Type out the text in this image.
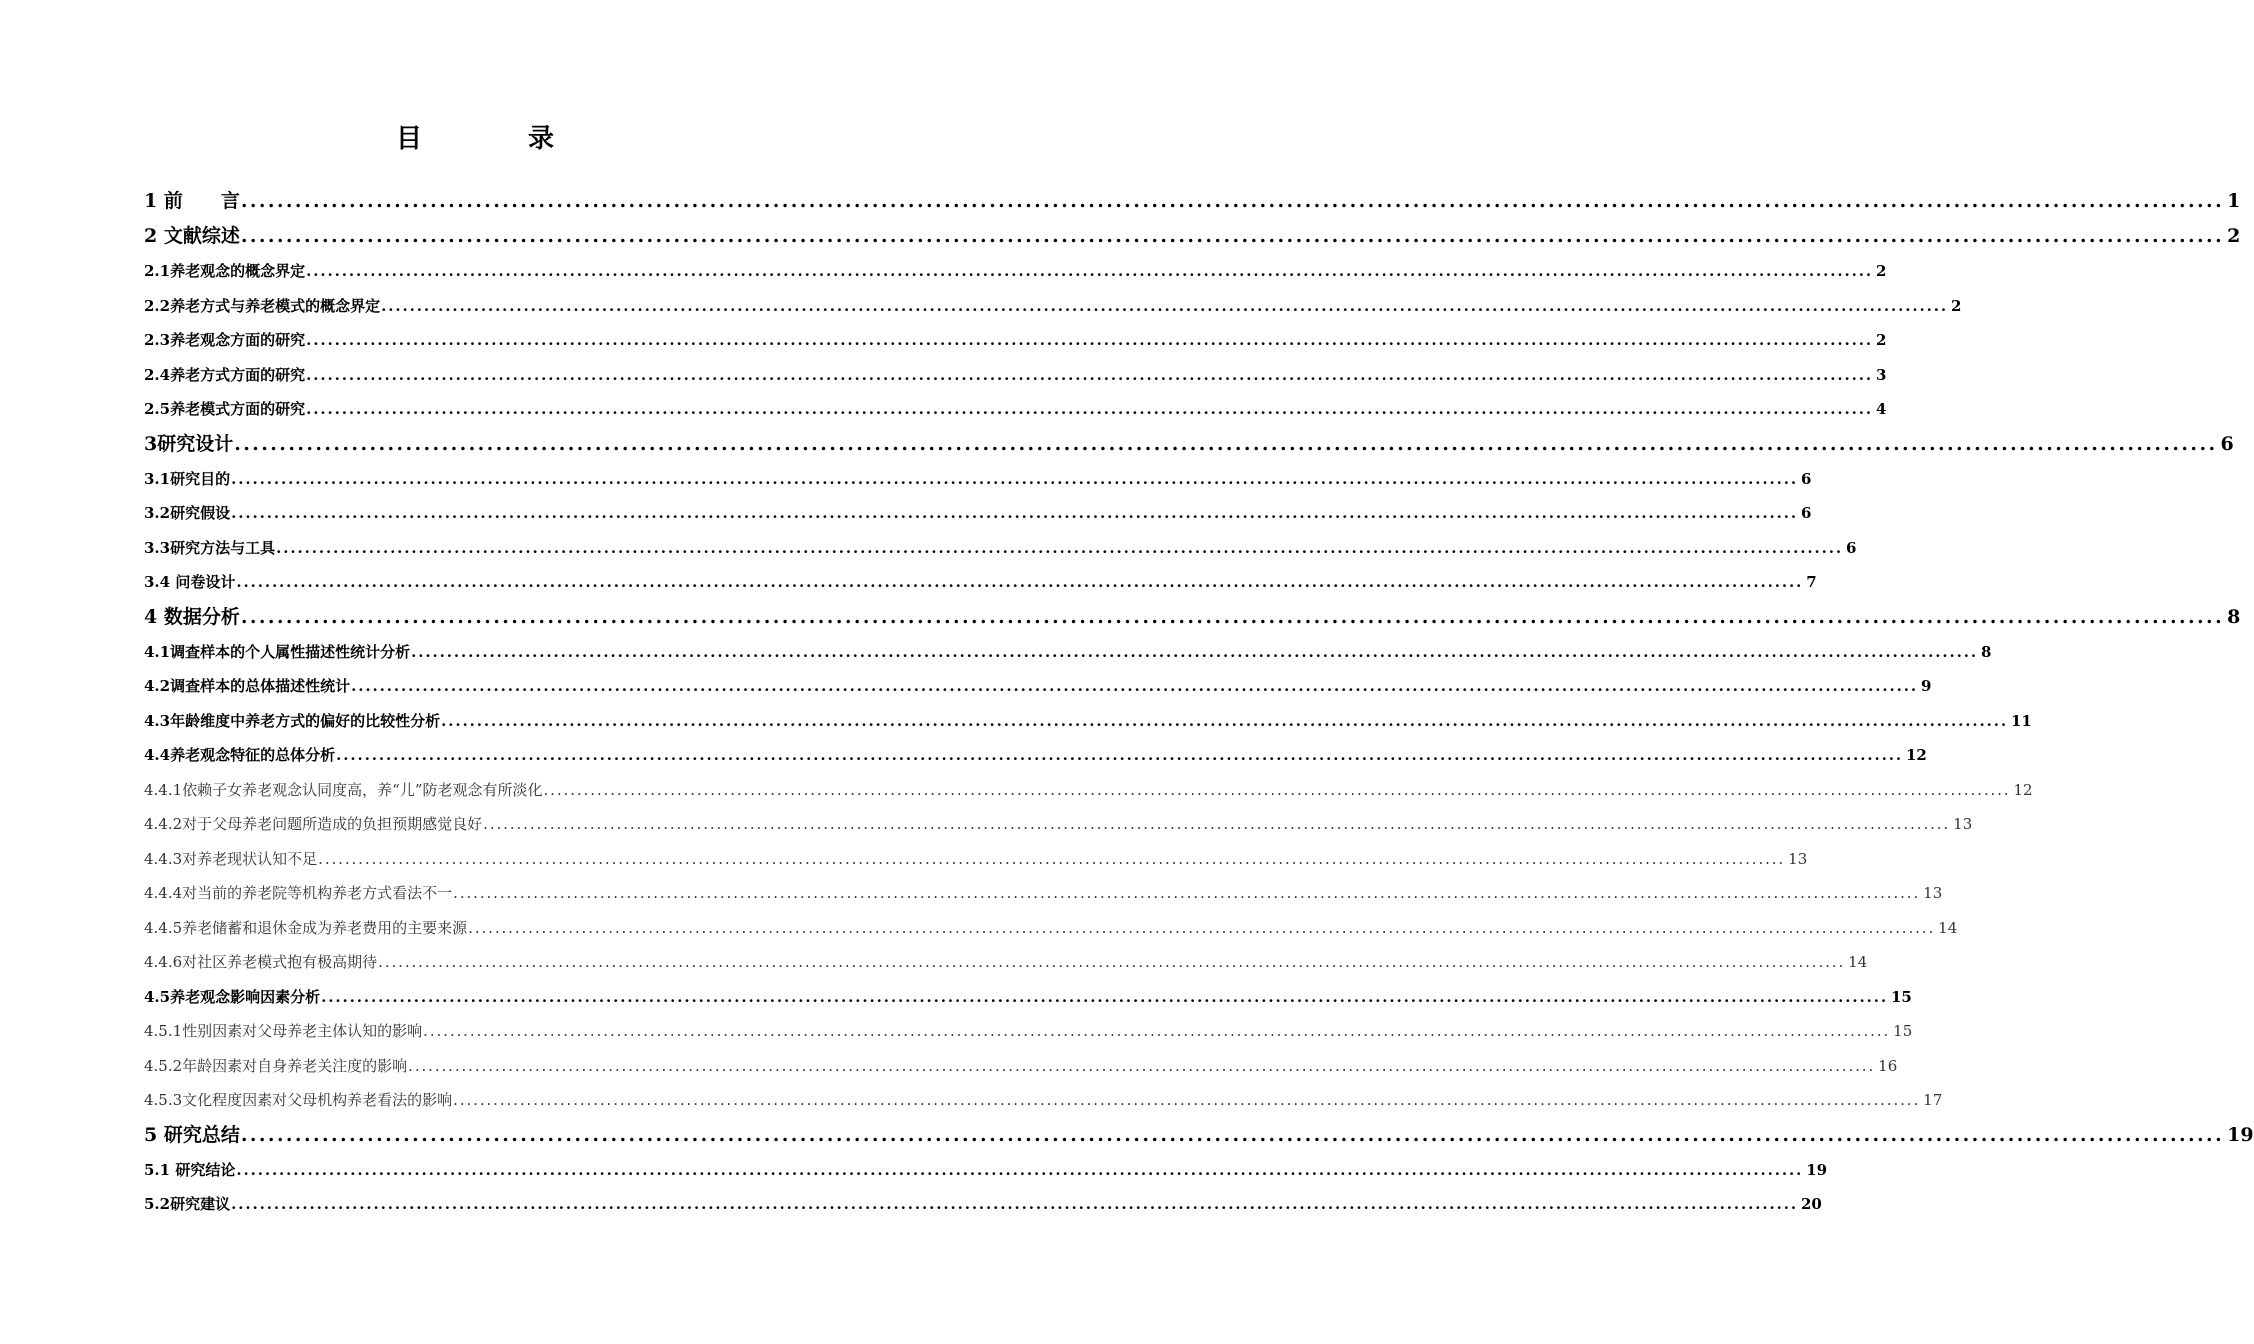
目　录
1 前　　言 ............................................................................................................................................................................................................................ 1
2 文献综述 ............................................................................................................................................................................................................................ 2
2.1养老观念的概念界定 ............................................................................................................................................................................................................................ 2
2.2养老方式与养老模式的概念界定 ............................................................................................................................................................................................................................ 2
2.3养老观念方面的研究 ............................................................................................................................................................................................................................ 2
2.4养老方式方面的研究 ............................................................................................................................................................................................................................ 3
2.5养老模式方面的研究 ............................................................................................................................................................................................................................ 4
3研究设计 ............................................................................................................................................................................................................................ 6
3.1研究目的 ............................................................................................................................................................................................................................ 6
3.2研究假设 ............................................................................................................................................................................................................................ 6
3.3研究方法与工具 ............................................................................................................................................................................................................................ 6
3.4 问卷设计 ............................................................................................................................................................................................................................ 7
4 数据分析 ............................................................................................................................................................................................................................ 8
4.1调查样本的个人属性描述性统计分析 ............................................................................................................................................................................................................................ 8
4.2调查样本的总体描述性统计 ............................................................................................................................................................................................................................ 9
4.3年龄维度中养老方式的偏好的比较性分析 ............................................................................................................................................................................................................................ 11
4.4养老观念特征的总体分析 ............................................................................................................................................................................................................................ 12
4.4.1依赖子女养老观念认同度高，养“儿”防老观念有所淡化 ............................................................................................................................................................................................................................ 12
4.4.2对于父母养老问题所造成的负担预期感觉良好 ............................................................................................................................................................................................................................ 13
4.4.3对养老现状认知不足 ............................................................................................................................................................................................................................ 13
4.4.4对当前的养老院等机构养老方式看法不一 ............................................................................................................................................................................................................................ 13
4.4.5养老储蓄和退休金成为养老费用的主要来源 ............................................................................................................................................................................................................................ 14
4.4.6对社区养老模式抱有极高期待 ............................................................................................................................................................................................................................ 14
4.5养老观念影响因素分析 ............................................................................................................................................................................................................................ 15
4.5.1性别因素对父母养老主体认知的影响 ............................................................................................................................................................................................................................ 15
4.5.2年龄因素对自身养老关注度的影响 ............................................................................................................................................................................................................................ 16
4.5.3文化程度因素对父母机构养老看法的影响 ............................................................................................................................................................................................................................ 17
5 研究总结 ............................................................................................................................................................................................................................ 19
5.1 研究结论 ............................................................................................................................................................................................................................ 19
5.2研究建议 ............................................................................................................................................................................................................................ 20
